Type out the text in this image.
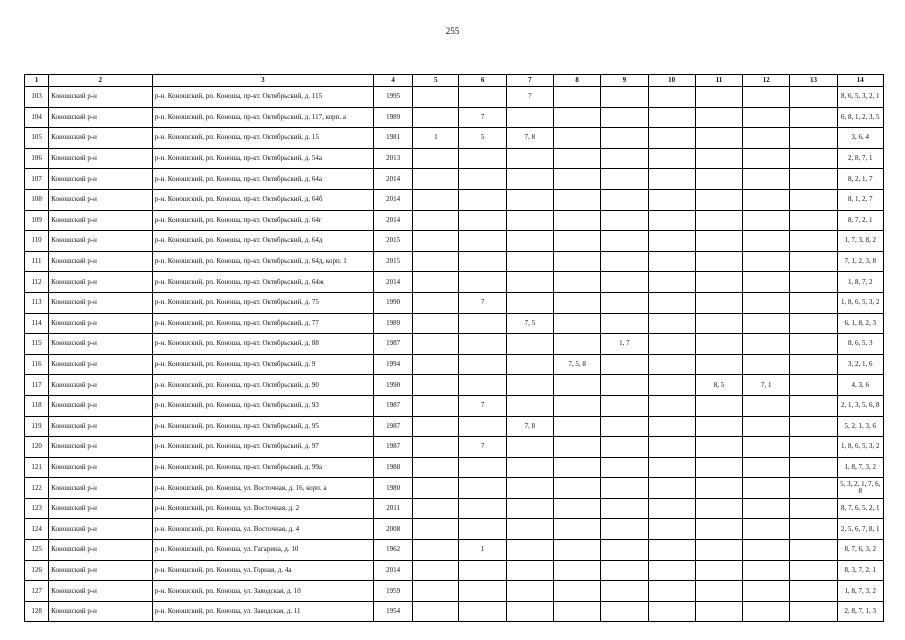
255
1	2	3	4	5	6	7	8	9	10	11	12	13	14
103	Коношский р-н	р-н. Коношский, рп. Коноша, пр-кт. Октябрьский, д. 115	1995			7							8, 6, 5, 3, 2, 1
104	Коношский р-н	р-н. Коношский, рп. Коноша, пр-кт. Октябрьский, д. 117, корп. а	1989		7								6, 8, 1, 2, 3, 5
105	Коношский р-н	р-н. Коношский, рп. Коноша, пр-кт. Октябрьский, д. 15	1981	1	5	7, 8							3, 6, 4
106	Коношский р-н	р-н. Коношский, рп. Коноша, пр-кт. Октябрьский, д. 54а	2013										2, 8, 7, 1
107	Коношский р-н	р-н. Коношский, рп. Коноша, пр-кт. Октябрьский, д. 64а	2014										8, 2, 1, 7
108	Коношский р-н	р-н. Коношский, рп. Коноша, пр-кт. Октябрьский, д. 64б	2014										8, 1, 2, 7
109	Коношский р-н	р-н. Коношский, рп. Коноша, пр-кт. Октябрьский, д. 64г	2014										8, 7, 2, 1
110	Коношский р-н	р-н. Коношский, рп. Коноша, пр-кт. Октябрьский, д. 64д	2015										1, 7, 3, 8, 2
111	Коношский р-н	р-н. Коношский, рп. Коноша, пр-кт. Октябрьский, д. 64д, корп. 1	2015										7, 1, 2, 3, 8
112	Коношский р-н	р-н. Коношский, рп. Коноша, пр-кт. Октябрьский, д. 64ж	2014										1, 8, 7, 2
113	Коношский р-н	р-н. Коношский, рп. Коноша, пр-кт. Октябрьский, д. 75	1990		7								1, 8, 6, 5, 3, 2
114	Коношский р-н	р-н. Коношский, рп. Коноша, пр-кт. Октябрьский, д. 77	1989			7, 5							6, 1, 8, 2, 3
115	Коношский р-н	р-н. Коношский, рп. Коноша, пр-кт. Октябрьский, д. 88	1987					1, 7					8, 6, 5, 3
116	Коношский р-н	р-н. Коношский, рп. Коноша, пр-кт. Октябрьский, д. 9	1994				7, 5, 8						3, 2, 1, 6
117	Коношский р-н	р-н. Коношский, рп. Коноша, пр-кт. Октябрьский, д. 90	1990							8, 5	7, 1		4, 3, 6
118	Коношский р-н	р-н. Коношский, рп. Коноша, пр-кт. Октябрьский, д. 93	1987		7								2, 1, 3, 5, 6, 8
119	Коношский р-н	р-н. Коношский, рп. Коноша, пр-кт. Октябрьский, д. 95	1987			7, 8							5, 2, 1, 3, 6
120	Коношский р-н	р-н. Коношский, рп. Коноша, пр-кт. Октябрьский, д. 97	1987		7								1, 8, 6, 5, 3, 2
121	Коношский р-н	р-н. Коношский, рп. Коноша, пр-кт. Октябрьский, д. 99а	1988										1, 8, 7, 3, 2
122	Коношский р-н	р-н. Коношский, рп. Коноша, ул. Восточная, д. 16, корп. а	1980										5, 3, 2, 1, 7, 6, 8
123	Коношский р-н	р-н. Коношский, рп. Коноша, ул. Восточная, д. 2	2011										8, 7, 6, 5, 2, 1
124	Коношский р-н	р-н. Коношский, рп. Коноша, ул. Восточная, д. 4	2008										2, 5, 6, 7, 8, 1
125	Коношский р-н	р-н. Коношский, рп. Коноша, ул. Гагарина, д. 10	1962		1								8, 7, 6, 3, 2
126	Коношский р-н	р-н. Коношский, рп. Коноша, ул. Горная, д. 4а	2014										8, 3, 7, 2, 1
127	Коношский р-н	р-н. Коношский, рп. Коноша, ул. Заводская, д. 10	1959										1, 8, 7, 3, 2
128	Коношский р-н	р-н. Коношский, рп. Коноша, ул. Заводская, д. 11	1954										2, 8, 7, 1, 3
